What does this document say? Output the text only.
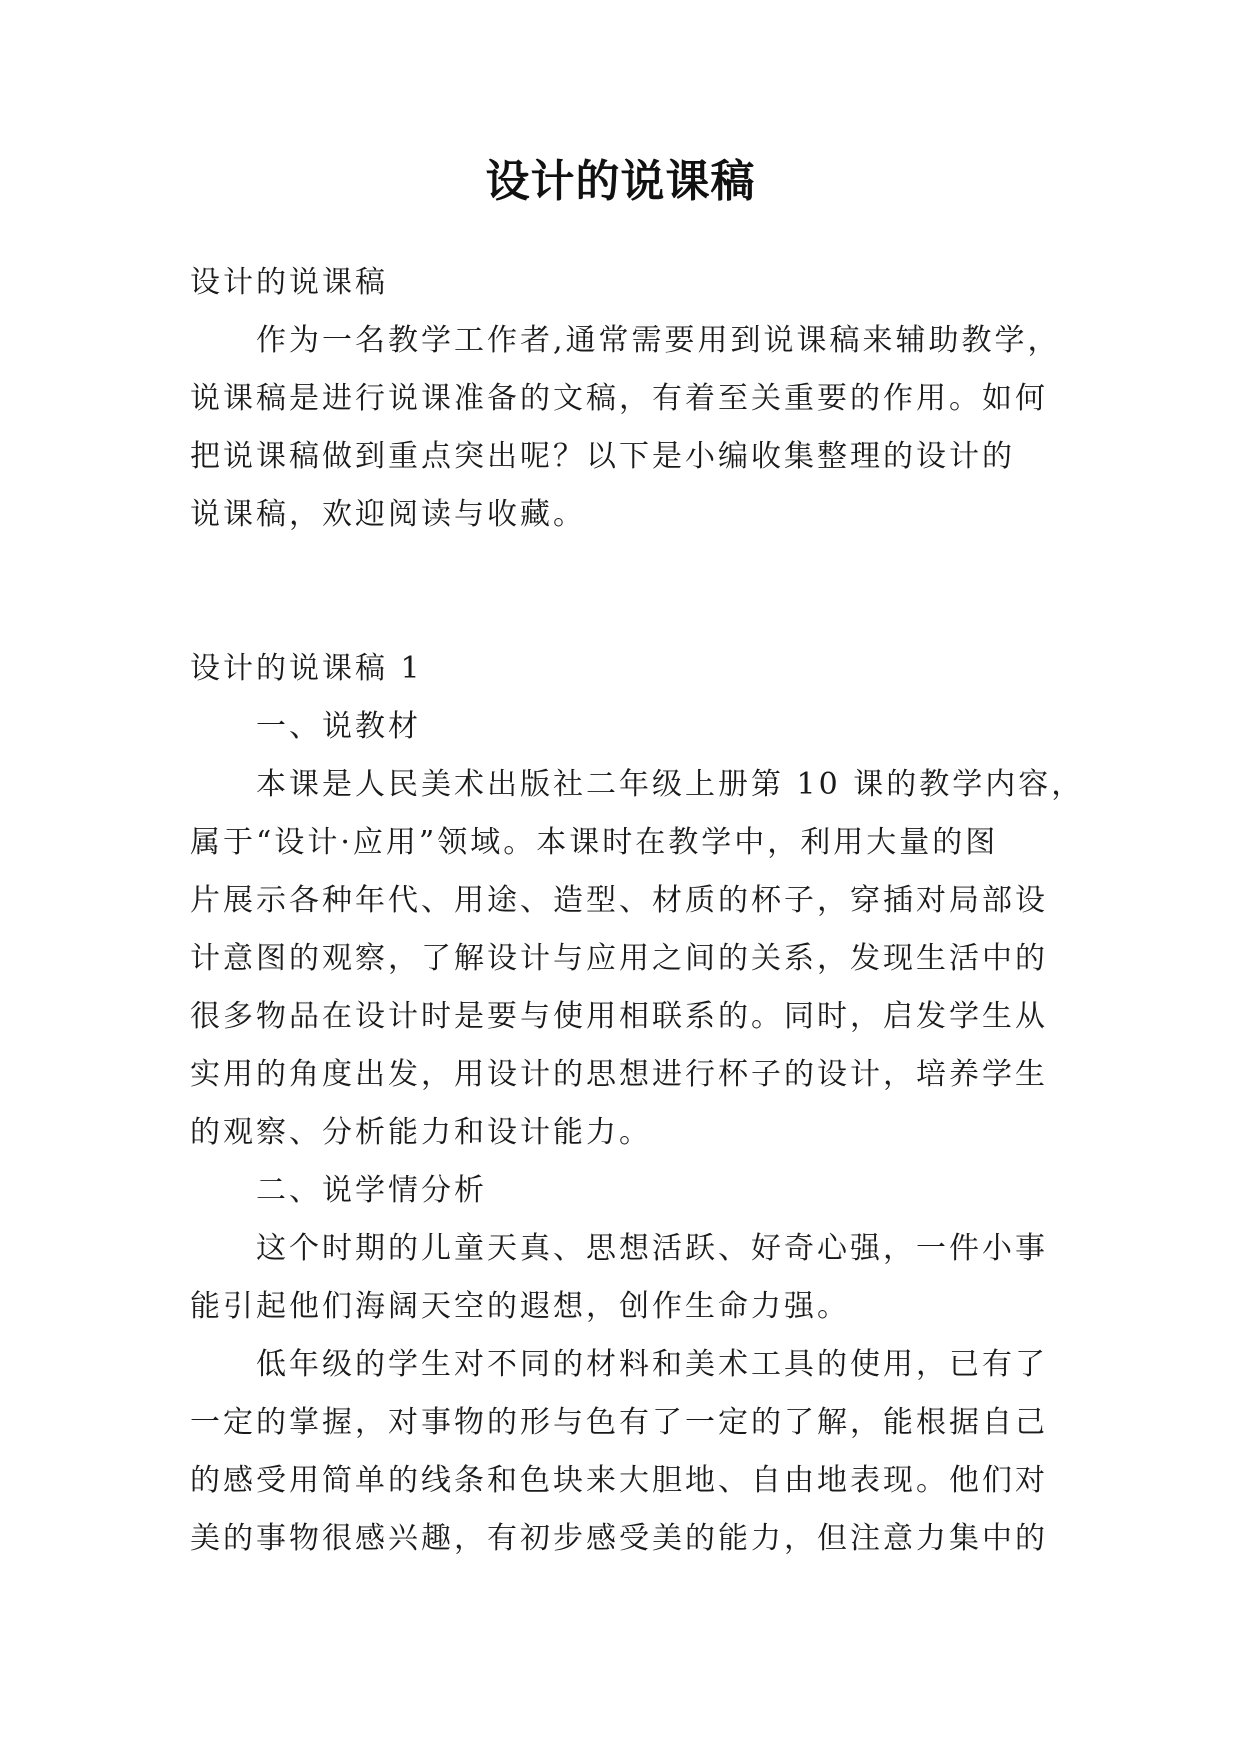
设计的说课稿
设计的说课稿
作为一名教学工作者,通常需要用到说课稿来辅助教学，
说课稿是进行说课准备的文稿，有着至关重要的作用。如何
把说课稿做到重点突出呢？以下是小编收集整理的设计的
说课稿，欢迎阅读与收藏。
设计的说课稿 1
一、说教材
本课是人民美术出版社二年级上册第 10 课的教学内容，
属于“设计·应用”领域。本课时在教学中，利用大量的图
片展示各种年代、用途、造型、材质的杯子，穿插对局部设
计意图的观察，了解设计与应用之间的关系，发现生活中的
很多物品在设计时是要与使用相联系的。同时，启发学生从
实用的角度出发，用设计的思想进行杯子的设计，培养学生
的观察、分析能力和设计能力。
二、说学情分析
这个时期的儿童天真、思想活跃、好奇心强，一件小事
能引起他们海阔天空的遐想，创作生命力强。
低年级的学生对不同的材料和美术工具的使用，已有了
一定的掌握，对事物的形与色有了一定的了解，能根据自己
的感受用简单的线条和色块来大胆地、自由地表现。他们对
美的事物很感兴趣，有初步感受美的能力，但注意力集中的
